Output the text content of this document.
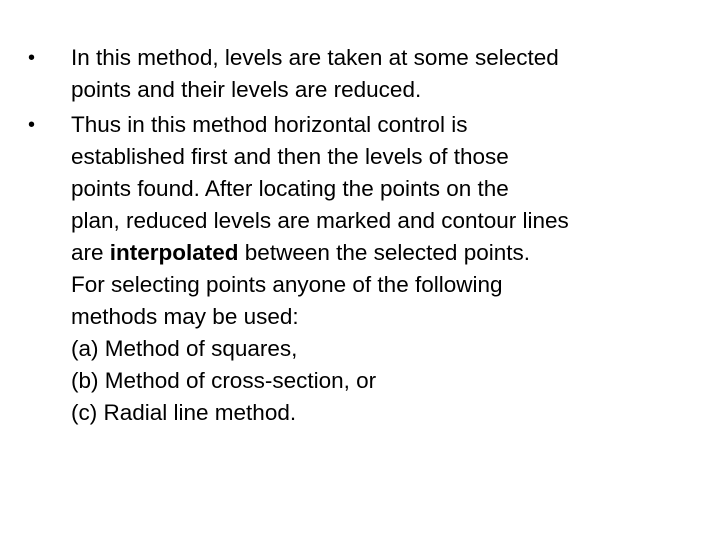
•	In this method, levels are taken at some selected
points and their levels are reduced.
•	Thus in this method horizontal control is
established first and then the levels of those
points found. After locating the points on the
plan, reduced levels are marked and contour lines
are interpolated between the selected points.
For selecting points anyone of the following
methods may be used:
(a) Method of squares,
(b) Method of cross-section, or
(c) Radial line method.
